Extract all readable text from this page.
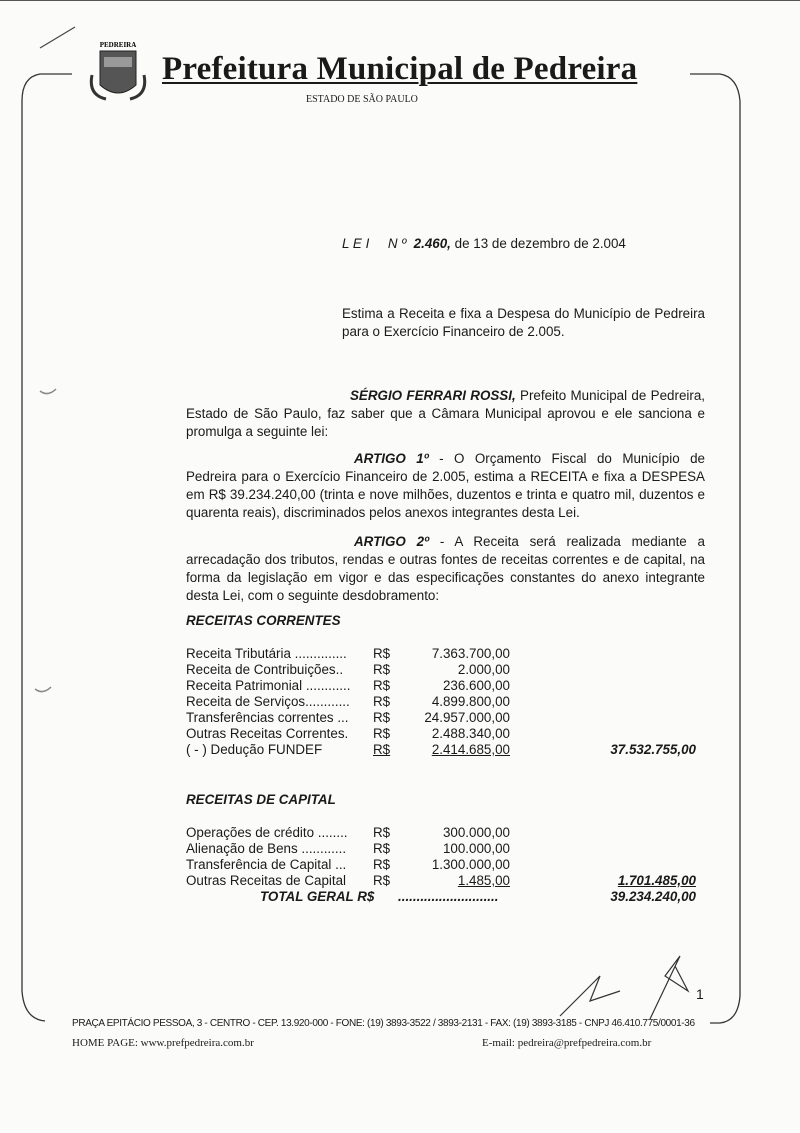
PEDREIRA
Prefeitura Municipal de Pedreira
ESTADO DE SÃO PAULO
L E I N º 2.460, de 13 de dezembro de 2.004
Estima a Receita e fixa a Despesa do Município de Pedreira para o Exercício Financeiro de 2.005.
SÉRGIO FERRARI ROSSI, Prefeito Municipal de Pedreira, Estado de São Paulo, faz saber que a Câmara Municipal aprovou e ele sanciona e promulga a seguinte lei:
ARTIGO 1º - O Orçamento Fiscal do Município de Pedreira para o Exercício Financeiro de 2.005, estima a RECEITA e fixa a DESPESA em R$ 39.234.240,00 (trinta e nove milhões, duzentos e trinta e quatro mil, duzentos e quarenta reais), discriminados pelos anexos integrantes desta Lei.
ARTIGO 2º - A Receita será realizada mediante a arrecadação dos tributos, rendas e outras fontes de receitas correntes e de capital, na forma da legislação em vigor e das especificações constantes do anexo integrante desta Lei, com o seguinte desdobramento:
RECEITAS CORRENTES
Receita Tributária .............. R$	7.363.700,00
Receita de Contribuições.. R$	2.000,00
Receita Patrimonial ............ R$	236.600,00
Receita de Serviços............ R$	4.899.800,00
Transferências correntes ... R$	24.957.000,00
Outras Receitas Correntes. R$	2.488.340,00
( - ) Dedução FUNDEF	R$	2.414.685,00	37.532.755,00
RECEITAS DE CAPITAL
Operações de crédito ........ R$	300.000,00
Alienação de Bens ............ R$	100.000,00
Transferência de Capital ... R$	1.300.000,00
Outras Receitas de Capital R$	1.485,00	1.701.485,00
TOTAL GERAL R$ ...........................	39.234.240,00
1
PRAÇA EPITÁCIO PESSOA, 3 - CENTRO - CEP. 13.920-000 - FONE: (19) 3893-3522 / 3893-2131 - FAX: (19) 3893-3185 - CNPJ 46.410.775/0001-36
HOME PAGE: www.prefpedreira.com.br	E-mail: pedreira@prefpedreira.com.br
